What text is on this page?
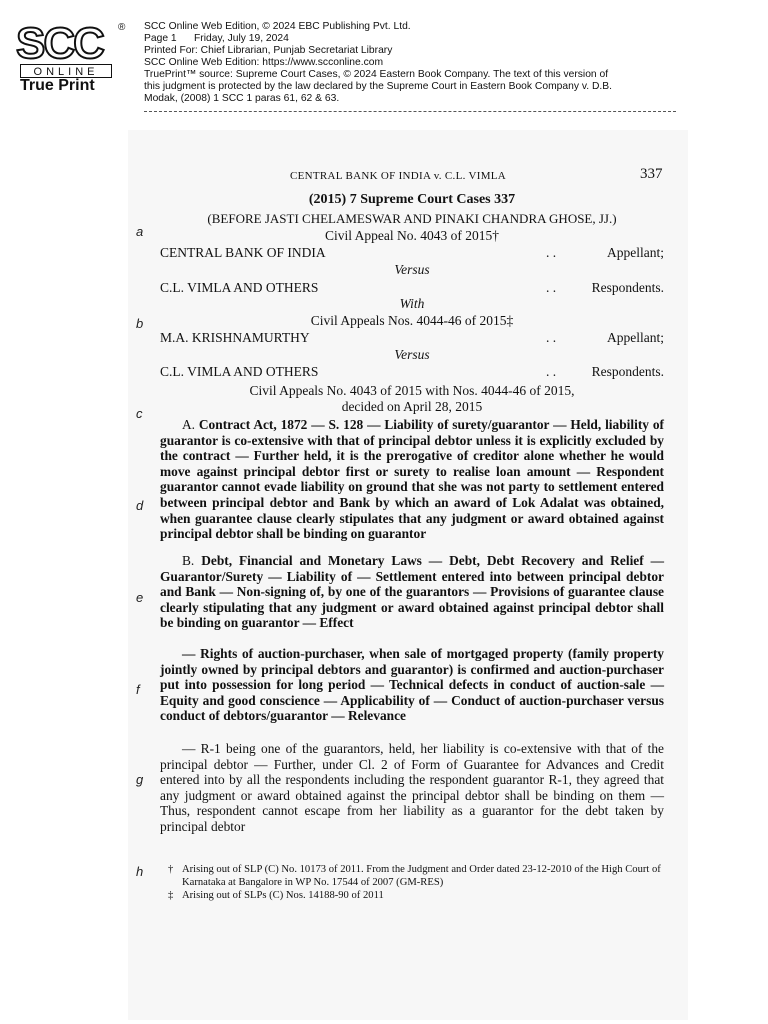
SCC ®
ONLINE
True Print
SCC Online Web Edition, © 2024 EBC Publishing Pvt. Ltd.
Page 1 Friday, July 19, 2024
Printed For: Chief Librarian, Punjab Secretariat Library
SCC Online Web Edition: https://www.scconline.com
TruePrint™ source: Supreme Court Cases, © 2024 Eastern Book Company. The text of this version of
this judgment is protected by the law declared by the Supreme Court in Eastern Book Company v. D.B.
Modak, (2008) 1 SCC 1 paras 61, 62 & 63.
CENTRAL BANK OF INDIA v. C.L. VIMLA	337
(2015) 7 Supreme Court Cases 337
(BEFORE JASTI CHELAMESWAR AND PINAKI CHANDRA GHOSE, JJ.)
Civil Appeal No. 4043 of 2015†
CENTRAL BANK OF INDIA	. .	Appellant;
Versus
C.L. VIMLA AND OTHERS	. .	Respondents.
With
Civil Appeals Nos. 4044-46 of 2015‡
M.A. KRISHNAMURTHY	. .	Appellant;
Versus
C.L. VIMLA AND OTHERS	. .	Respondents.
Civil Appeals No. 4043 of 2015 with Nos. 4044-46 of 2015,
decided on April 28, 2015
a
b
c
d
e
f
g
h
A. Contract Act, 1872 — S. 128 — Liability of surety/guarantor — Held, liability of guarantor is co-extensive with that of principal debtor unless it is explicitly excluded by the contract — Further held, it is the prerogative of creditor alone whether he would move against principal debtor first or surety to realise loan amount — Respondent guarantor cannot evade liability on ground that she was not party to settlement entered between principal debtor and Bank by which an award of Lok Adalat was obtained, when guarantee clause clearly stipulates that any judgment or award obtained against principal debtor shall be binding on guarantor
B. Debt, Financial and Monetary Laws — Debt, Debt Recovery and Relief — Guarantor/Surety — Liability of — Settlement entered into between principal debtor and Bank — Non-signing of, by one of the guarantors — Provisions of guarantee clause clearly stipulating that any judgment or award obtained against principal debtor shall be binding on guarantor — Effect
— Rights of auction-purchaser, when sale of mortgaged property (family property jointly owned by principal debtors and guarantor) is confirmed and auction-purchaser put into possession for long period — Technical defects in conduct of auction-sale — Equity and good conscience — Applicability of — Conduct of auction-purchaser versus conduct of debtors/guarantor — Relevance
— R-1 being one of the guarantors, held, her liability is co-extensive with that of the principal debtor — Further, under Cl. 2 of Form of Guarantee for Advances and Credit entered into by all the respondents including the respondent guarantor R-1, they agreed that any judgment or award obtained against the principal debtor shall be binding on them — Thus, respondent cannot escape from her liability as a guarantor for the debt taken by principal debtor
† Arising out of SLP (C) No. 10173 of 2011. From the Judgment and Order dated 23-12-2010 of the High Court of Karnataka at Bangalore in WP No. 17544 of 2007 (GM-RES)
‡ Arising out of SLPs (C) Nos. 14188-90 of 2011
